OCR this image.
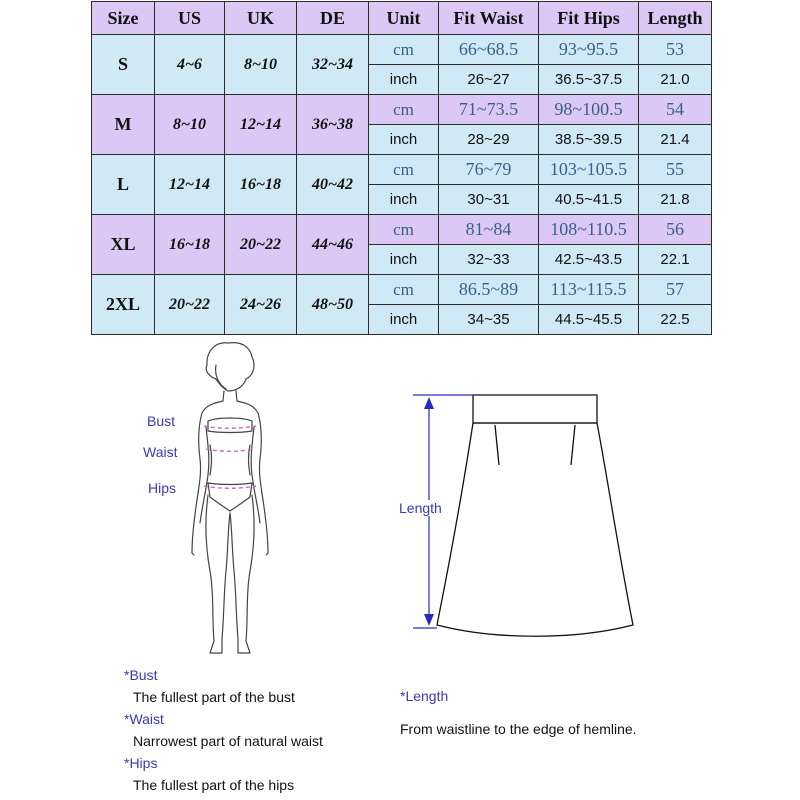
Size	US	UK	DE	Unit	Fit Waist	Fit Hips	Length
S	4~6	8~10	32~34	cm	66~68.5	93~95.5	53
				inch	26~27	36.5~37.5	21.0
M	8~10	12~14	36~38	cm	71~73.5	98~100.5	54
				inch	28~29	38.5~39.5	21.4
L	12~14	16~18	40~42	cm	76~79	103~105.5	55
				inch	30~31	40.5~41.5	21.8
XL	16~18	20~22	44~46	cm	81~84	108~110.5	56
				inch	32~33	42.5~43.5	22.1
2XL	20~22	24~26	48~50	cm	86.5~89	113~115.5	57
				inch	34~35	44.5~45.5	22.5
Bust
Waist
Hips
Length
*Bust
The fullest part of the bust
*Waist
Narrowest part of natural waist
*Hips
The fullest part of the hips
*Length
From waistline to the edge of hemline.
